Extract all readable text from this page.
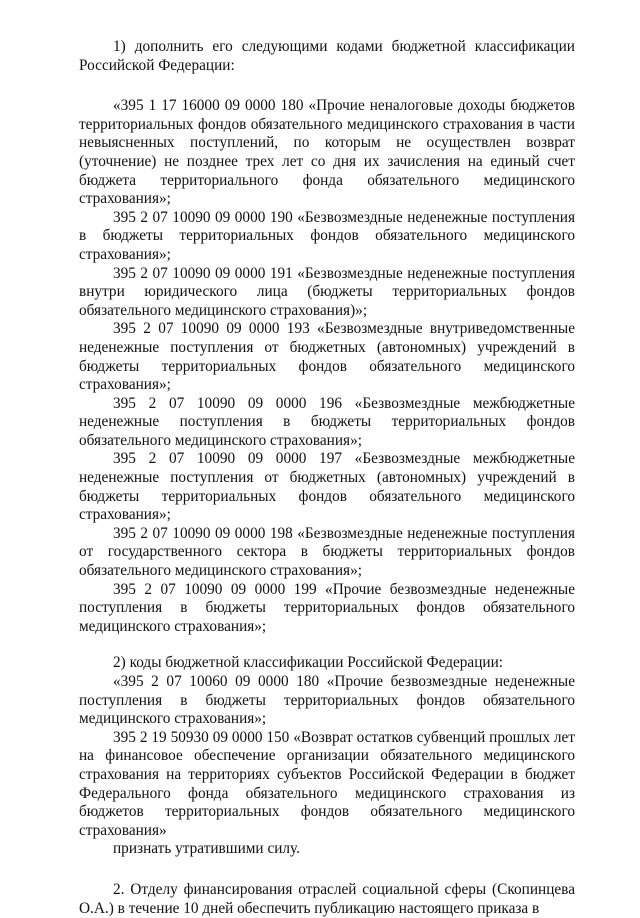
1) дополнить его следующими кодами бюджетной классификации Российской Федерации:

«395 1 17 16000 09 0000 180 «Прочие неналоговые доходы бюджетов территориальных фондов обязательного медицинского страхования в части невыясненных поступлений, по которым не осуществлен возврат (уточнение) не позднее трех лет со дня их зачисления на единый счет бюджета территориального фонда обязательного медицинского страхования»;

395 2 07 10090 09 0000 190 «Безвозмездные неденежные поступления в бюджеты территориальных фондов обязательного медицинского страхования»;

395 2 07 10090 09 0000 191 «Безвозмездные неденежные поступления внутри юридического лица (бюджеты территориальных фондов обязательного медицинского страхования)»;

395 2 07 10090 09 0000 193 «Безвозмездные внутриведомственные неденежные поступления от бюджетных (автономных) учреждений в бюджеты территориальных фондов обязательного медицинского страхования»;

395 2 07 10090 09 0000 196 «Безвозмездные межбюджетные неденежные поступления в бюджеты территориальных фондов обязательного медицинского страхования»;

395 2 07 10090 09 0000 197 «Безвозмездные межбюджетные неденежные поступления от бюджетных (автономных) учреждений в бюджеты территориальных фондов обязательного медицинского страхования»;

395 2 07 10090 09 0000 198 «Безвозмездные неденежные поступления от государственного сектора в бюджеты территориальных фондов обязательного медицинского страхования»;

395 2 07 10090 09 0000 199 «Прочие безвозмездные неденежные поступления в бюджеты территориальных фондов обязательного медицинского страхования»;

2) коды бюджетной классификации Российской Федерации:

«395 2 07 10060 09 0000 180 «Прочие безвозмездные неденежные поступления в бюджеты территориальных фондов обязательного медицинского страхования»;

395 2 19 50930 09 0000 150 «Возврат остатков субвенций прошлых лет на финансовое обеспечение организации обязательного медицинского страхования на территориях субъектов Российской Федерации в бюджет Федерального фонда обязательного медицинского страхования из бюджетов территориальных фондов обязательного медицинского страхования»

признать утратившими силу.

2. Отделу финансирования отраслей социальной сферы (Скопинцева О.А.) в течение 10 дней обеспечить публикацию настоящего приказа в
